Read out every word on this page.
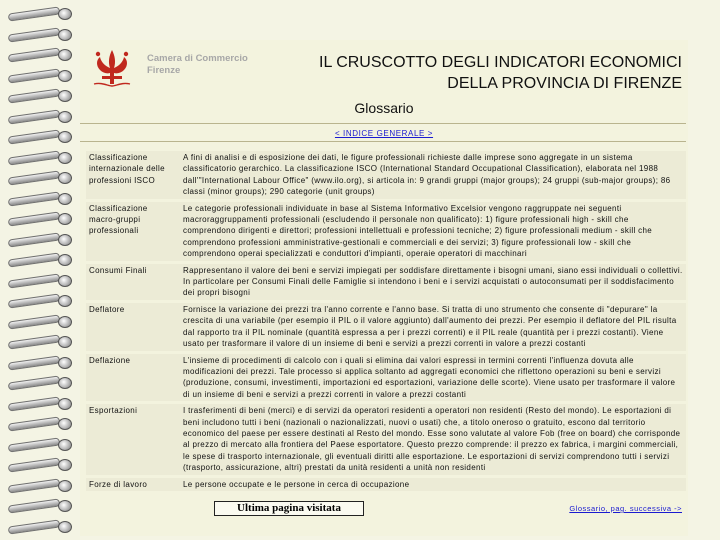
Camera di Commercio
Firenze	IL CRUSCOTTO DEGLI INDICATORI ECONOMICI
DELLA PROVINCIA DI FIRENZE
Glossario
< INDICE GENERALE >
Classificazione internazionale delle professioni ISCO	A fini di analisi e di esposizione dei dati, le figure professionali richieste dalle imprese sono aggregate in un sistema classificatorio gerarchico. La classificazione ISCO (International Standard Occupational Classification), elaborata nel 1988 dall'"International Labour Office" (www.ilo.org), si articola in: 9 grandi gruppi (major groups); 24 gruppi (sub-major groups); 86 classi (minor groups); 290 categorie (unit groups)
Classificazione macro-gruppi professionali	Le categorie professionali individuate in base al Sistema Informativo Excelsior vengono raggruppate nei seguenti macroraggruppamenti professionali (escludendo il personale non qualificato): 1) figure professionali high - skill che comprendono dirigenti e direttori; professioni intellettuali e professioni tecniche; 2) figure professionali medium - skill che comprendono professioni amministrative-gestionali e commerciali e dei servizi; 3) figure professionali low - skill che comprendono operai specializzati e conduttori d'impianti, operaie operatori di macchinari
Consumi Finali	Rappresentano il valore dei beni e servizi impiegati per soddisfare direttamente i bisogni umani, siano essi individuali o collettivi. In particolare per Consumi Finali delle Famiglie si intendono i beni e i servizi acquistati o autoconsumati per il soddisfacimento dei propri bisogni
Deflatore	Fornisce la variazione dei prezzi tra l'anno corrente e l'anno base. Si tratta di uno strumento che consente di "depurare" la crescita di una variabile (per esempio il PIL o il valore aggiunto) dall'aumento dei prezzi. Per esempio il deflatore del PIL risulta dal rapporto tra il PIL nominale (quantità espressa a per i prezzi correnti) e il PIL reale (quantità per i prezzi costanti). Viene usato per trasformare il valore di un insieme di beni e servizi a prezzi correnti in valore a prezzi costanti
Deflazione	L'insieme di procedimenti di calcolo con i quali si elimina dai valori espressi in termini correnti l'influenza dovuta alle modificazioni dei prezzi. Tale processo si applica soltanto ad aggregati economici che riflettono operazioni su beni e servizi (produzione, consumi, investimenti, importazioni ed esportazioni, variazione delle scorte). Viene usato per trasformare il valore di un insieme di beni e servizi a prezzi correnti in valore a prezzi costanti
Esportazioni	I trasferimenti di beni (merci) e di servizi da operatori residenti a operatori non residenti (Resto del mondo). Le esportazioni di beni includono tutti i beni (nazionali o nazionalizzati, nuovi o usati) che, a titolo oneroso o gratuito, escono dal territorio economico del paese per essere destinati al Resto del mondo. Esse sono valutate al valore Fob (free on board) che corrisponde al prezzo di mercato alla frontiera del Paese esportatore. Questo prezzo comprende: il prezzo ex fabrica, i margini commerciali, le spese di trasporto internazionale, gli eventuali diritti alle esportazione. Le esportazioni di servizi comprendono tutti i servizi (trasporto, assicurazione, altri) prestati da unità residenti a unità non residenti
Forze di lavoro	Le persone occupate e le persone in cerca di occupazione
Ultima pagina visitata	Glossario, pag. successiva ->
